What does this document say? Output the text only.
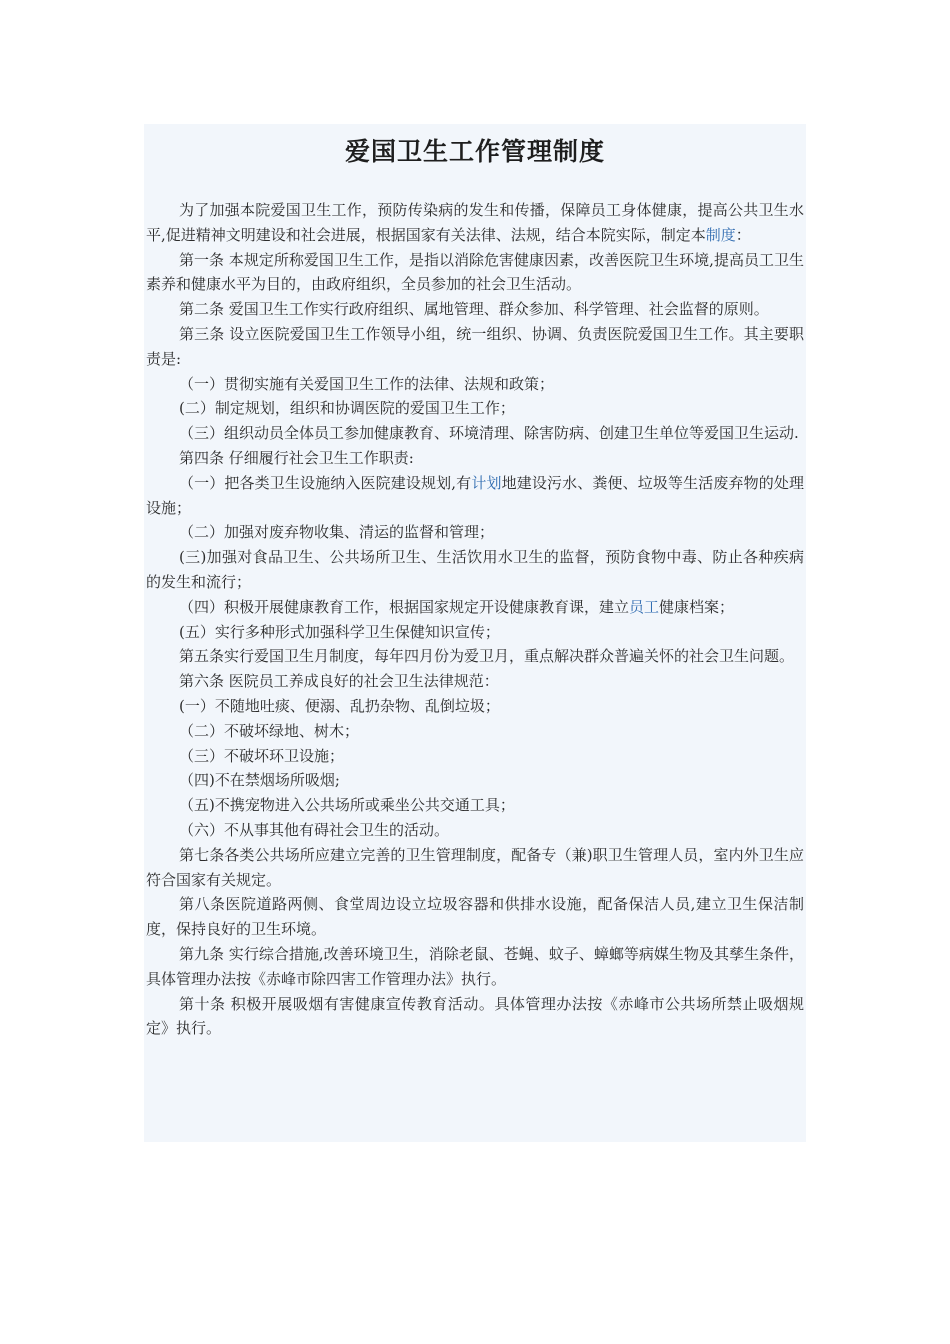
爱国卫生工作管理制度

为了加强本院爱国卫生工作，预防传染病的发生和传播，保障员工身体健康，提高公共卫生水平,促进精神文明建设和社会进展，根据国家有关法律、法规，结合本院实际，制定本制度：

第一条 本规定所称爱国卫生工作，是指以消除危害健康因素，改善医院卫生环境,提高员工卫生素养和健康水平为目的，由政府组织，全员参加的社会卫生活动。

第二条 爱国卫生工作实行政府组织、属地管理、群众参加、科学管理、社会监督的原则。

第三条 设立医院爱国卫生工作领导小组，统一组织、协调、负责医院爱国卫生工作。其主要职责是:

（一）贯彻实施有关爱国卫生工作的法律、法规和政策；

(二）制定规划，组织和协调医院的爱国卫生工作；

（三）组织动员全体员工参加健康教育、环境清理、除害防病、创建卫生单位等爱国卫生运动.

第四条 仔细履行社会卫生工作职责:

（一）把各类卫生设施纳入医院建设规划,有计划地建设污水、粪便、垃圾等生活废弃物的处理设施；

（二）加强对废弃物收集、清运的监督和管理；

(三)加强对食品卫生、公共场所卫生、生活饮用水卫生的监督，预防食物中毒、防止各种疾病的发生和流行；

（四）积极开展健康教育工作，根据国家规定开设健康教育课，建立员工健康档案；

(五）实行多种形式加强科学卫生保健知识宣传；

第五条实行爱国卫生月制度，每年四月份为爱卫月，重点解决群众普遍关怀的社会卫生问题。

第六条 医院员工养成良好的社会卫生法律规范：

(一）不随地吐痰、便溺、乱扔杂物、乱倒垃圾；

（二）不破坏绿地、树木；

（三）不破坏环卫设施；

（四)不在禁烟场所吸烟;

（五)不携宠物进入公共场所或乘坐公共交通工具；

（六）不从事其他有碍社会卫生的活动。

第七条各类公共场所应建立完善的卫生管理制度，配备专（兼)职卫生管理人员，室内外卫生应符合国家有关规定。

第八条医院道路两侧、食堂周边设立垃圾容器和供排水设施，配备保洁人员,建立卫生保洁制度，保持良好的卫生环境。

第九条 实行综合措施,改善环境卫生，消除老鼠、苍蝇、蚊子、蟑螂等病媒生物及其孳生条件，具体管理办法按《赤峰市除四害工作管理办法》执行。

第十条 积极开展吸烟有害健康宣传教育活动。具体管理办法按《赤峰市公共场所禁止吸烟规定》执行。
